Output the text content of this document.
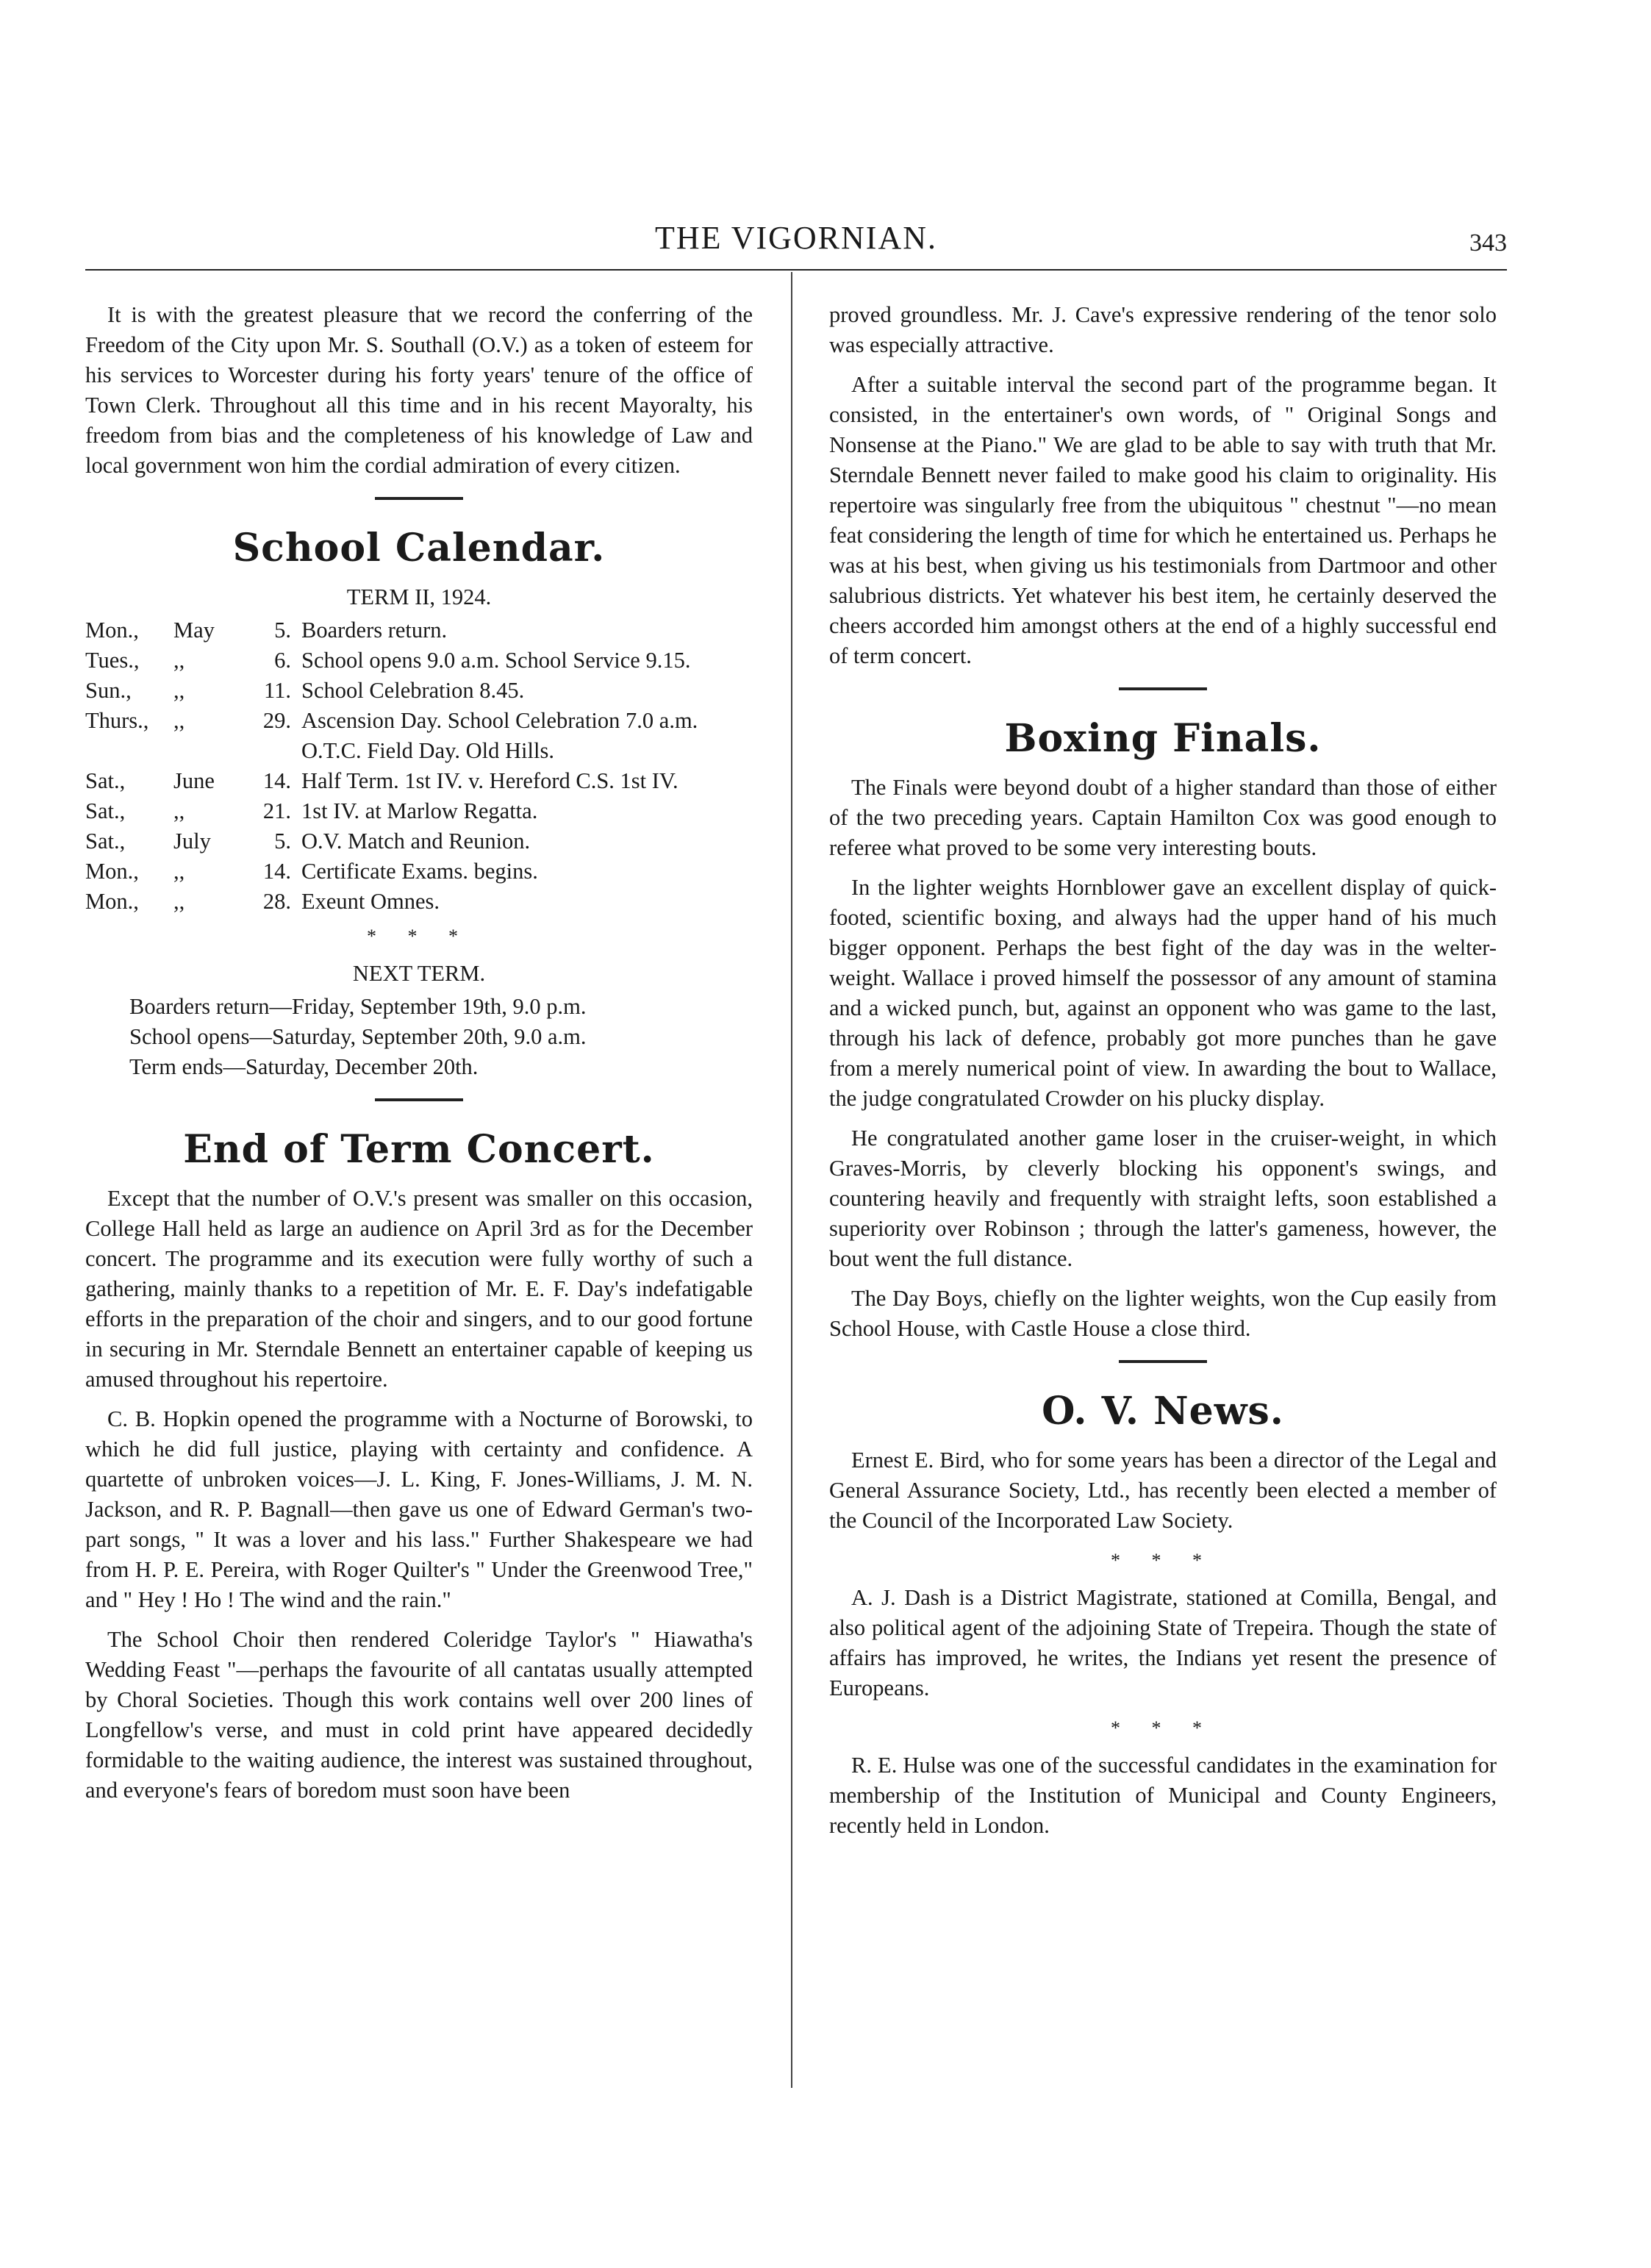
THE VIGORNIAN.	343

It is with the greatest pleasure that we record the conferring of the Freedom of the City upon Mr. S. Southall (O.V.) as a token of esteem for his services to Worcester during his forty years' tenure of the office of Town Clerk. Throughout all this time and in his recent Mayoralty, his freedom from bias and the completeness of his knowledge of Law and local government won him the cordial admiration of every citizen.

School Calendar.
TERM II, 1924.
Mon.,	May	5.	Boarders return.
Tues.,	,,	6.	School opens 9.0 a.m. School Service 9.15.
Sun.,	,,	11.	School Celebration 8.45.
Thurs.,	,,	29.	Ascension Day. School Celebration 7.0 a.m. O.T.C. Field Day. Old Hills.
Sat.,	June	14.	Half Term. 1st IV. v. Hereford C.S. 1st IV.
Sat.,	,,	21.	1st IV. at Marlow Regatta.
Sat.,	July	5.	O.V. Match and Reunion.
Mon.,	,,	14.	Certificate Exams. begins.
Mon.,	,,	28.	Exeunt Omnes.
* * *
NEXT TERM.
Boarders return—Friday, September 19th, 9.0 p.m.
School opens—Saturday, September 20th, 9.0 a.m.
Term ends—Saturday, December 20th.
End of Term Concert.

Except that the number of O.V.'s present was smaller on this occasion, College Hall held as large an audience on April 3rd as for the December concert. The programme and its execution were fully worthy of such a gathering, mainly thanks to a repetition of Mr. E. F. Day's indefatigable efforts in the preparation of the choir and singers, and to our good fortune in securing in Mr. Sterndale Bennett an entertainer capable of keeping us amused throughout his repertoire.

C. B. Hopkin opened the programme with a Nocturne of Borowski, to which he did full justice, playing with certainty and confidence. A quartette of unbroken voices—J. L. King, F. Jones-Williams, J. M. N. Jackson, and R. P. Bagnall—then gave us one of Edward German's two-part songs, " It was a lover and his lass." Further Shakespeare we had from H. P. E. Pereira, with Roger Quilter's " Under the Greenwood Tree," and " Hey ! Ho ! The wind and the rain."

The School Choir then rendered Coleridge Taylor's " Hiawatha's Wedding Feast "—perhaps the favourite of all cantatas usually attempted by Choral Societies. Though this work contains well over 200 lines of Longfellow's verse, and must in cold print have appeared decidedly formidable to the waiting audience, the interest was sustained throughout, and everyone's fears of boredom must soon have been

proved groundless. Mr. J. Cave's expressive rendering of the tenor solo was especially attractive.

After a suitable interval the second part of the programme began. It consisted, in the entertainer's own words, of " Original Songs and Nonsense at the Piano." We are glad to be able to say with truth that Mr. Sterndale Bennett never failed to make good his claim to originality. His repertoire was singularly free from the ubiquitous " chestnut "—no mean feat considering the length of time for which he entertained us. Perhaps he was at his best, when giving us his testimonials from Dartmoor and other salubrious districts. Yet whatever his best item, he certainly deserved the cheers accorded him amongst others at the end of a highly successful end of term concert.

Boxing Finals.

The Finals were beyond doubt of a higher standard than those of either of the two preceding years. Captain Hamilton Cox was good enough to referee what proved to be some very interesting bouts.

In the lighter weights Hornblower gave an excellent display of quick-footed, scientific boxing, and always had the upper hand of his much bigger opponent. Perhaps the best fight of the day was in the welter-weight. Wallace i proved himself the possessor of any amount of stamina and a wicked punch, but, against an opponent who was game to the last, through his lack of defence, probably got more punches than he gave from a merely numerical point of view. In awarding the bout to Wallace, the judge congratulated Crowder on his plucky display.

He congratulated another game loser in the cruiser-weight, in which Graves-Morris, by cleverly blocking his opponent's swings, and countering heavily and frequently with straight lefts, soon established a superiority over Robinson ; through the latter's gameness, however, the bout went the full distance.

The Day Boys, chiefly on the lighter weights, won the Cup easily from School House, with Castle House a close third.

O. V. News.

Ernest E. Bird, who for some years has been a director of the Legal and General Assurance Society, Ltd., has recently been elected a member of the Council of the Incorporated Law Society.

* * *

A. J. Dash is a District Magistrate, stationed at Comilla, Bengal, and also political agent of the adjoining State of Trepeira. Though the state of affairs has improved, he writes, the Indians yet resent the presence of Europeans.

* * *

R. E. Hulse was one of the successful candidates in the examination for membership of the Institution of Municipal and County Engineers, recently held in London.
